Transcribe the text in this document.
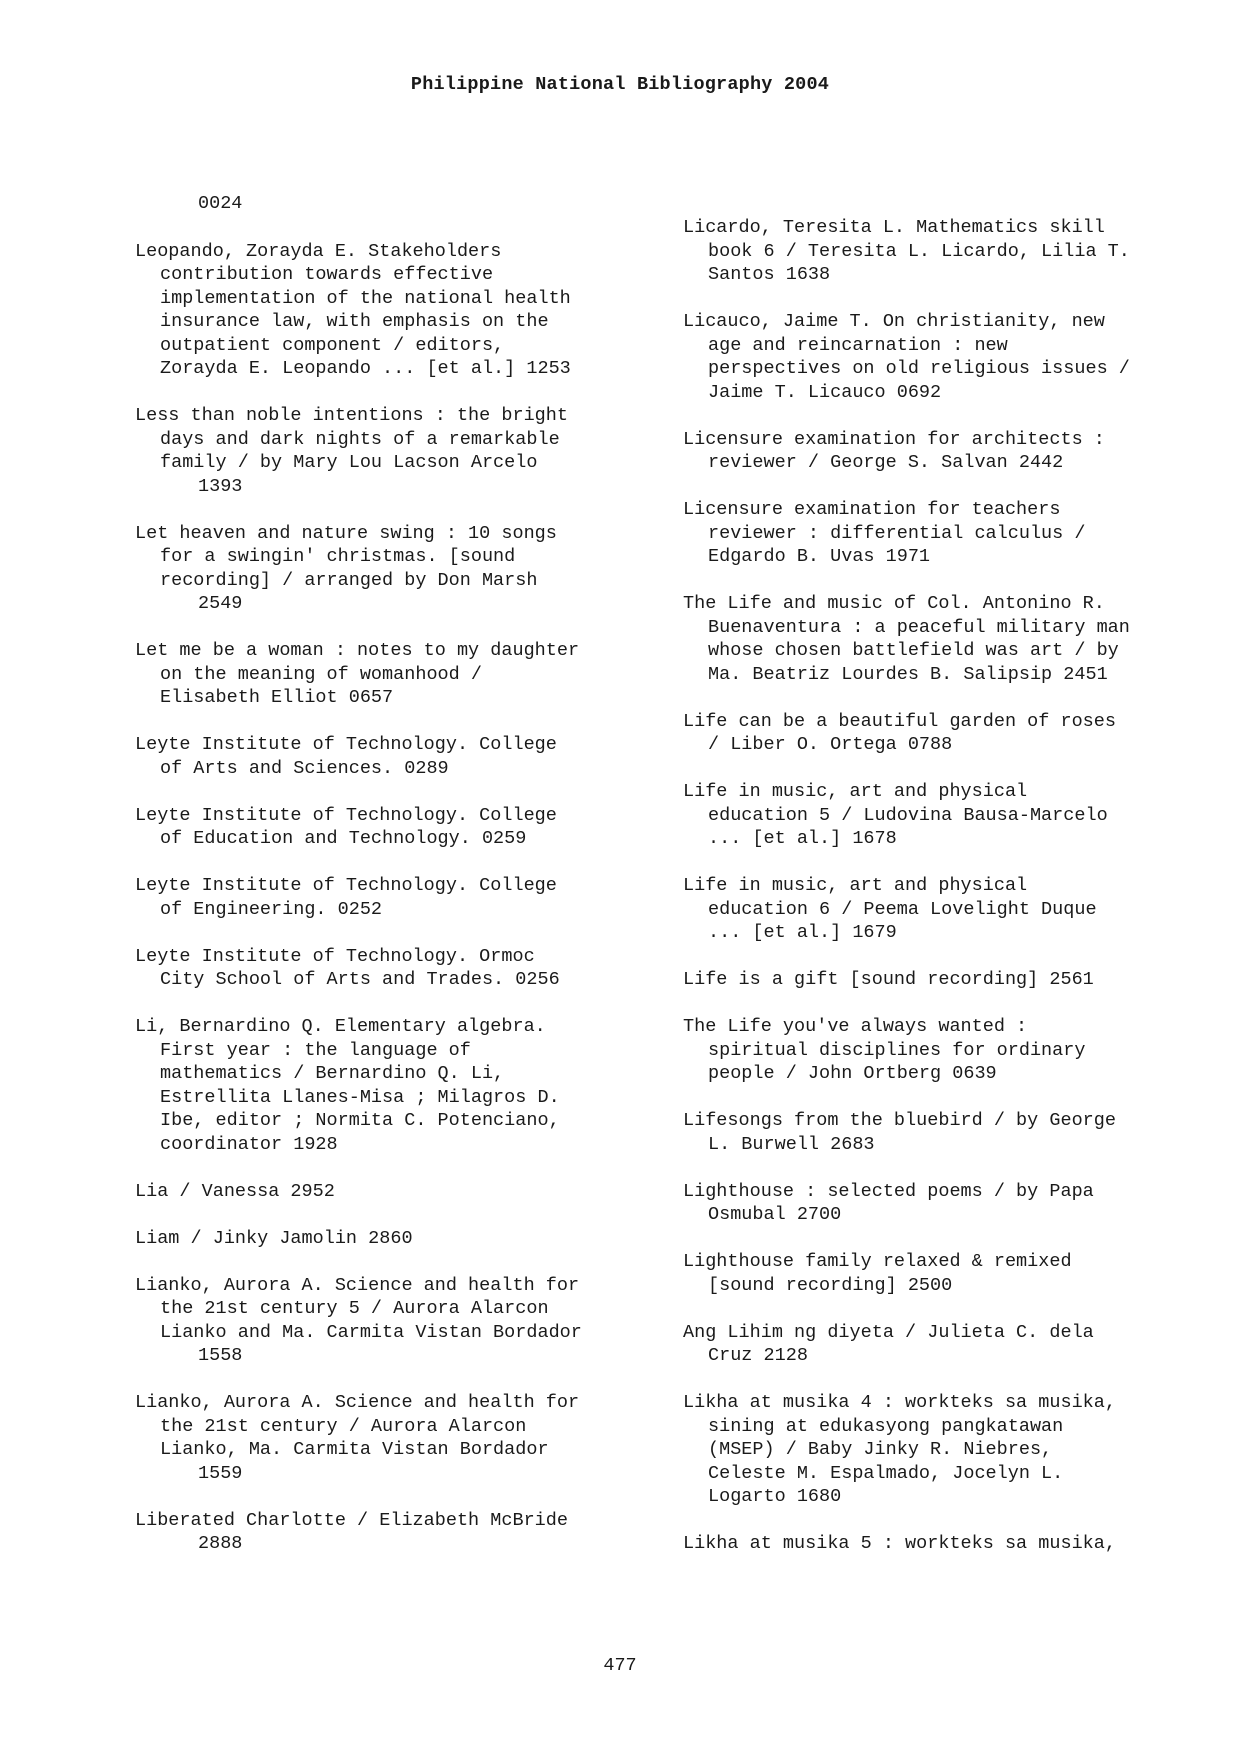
Philippine National Bibliography 2004
0024
Leopando, Zorayda E. Stakeholders
contribution towards effective
implementation of the national health
insurance law, with emphasis on the
outpatient component / editors,
Zorayda E. Leopando ... [et al.] 1253
Less than noble intentions : the bright
days and dark nights of a remarkable
family / by Mary Lou Lacson Arcelo
1393
Let heaven and nature swing : 10 songs
for a swingin' christmas. [sound
recording] / arranged by Don Marsh
2549
Let me be a woman : notes to my daughter
on the meaning of womanhood /
Elisabeth Elliot 0657
Leyte Institute of Technology. College
of Arts and Sciences. 0289
Leyte Institute of Technology. College
of Education and Technology. 0259
Leyte Institute of Technology. College
of Engineering. 0252
Leyte Institute of Technology. Ormoc
City School of Arts and Trades. 0256
Li, Bernardino Q. Elementary algebra.
First year : the language of
mathematics / Bernardino Q. Li,
Estrellita Llanes-Misa ; Milagros D.
Ibe, editor ; Normita C. Potenciano,
coordinator 1928
Lia / Vanessa 2952
Liam / Jinky Jamolin 2860
Lianko, Aurora A. Science and health for
the 21st century 5 / Aurora Alarcon
Lianko and Ma. Carmita Vistan Bordador
1558
Lianko, Aurora A. Science and health for
the 21st century / Aurora Alarcon
Lianko, Ma. Carmita Vistan Bordador
1559
Liberated Charlotte / Elizabeth McBride
2888
Licardo, Teresita L. Mathematics skill
book 6 / Teresita L. Licardo, Lilia T.
Santos 1638
Licauco, Jaime T. On christianity, new
age and reincarnation : new
perspectives on old religious issues /
Jaime T. Licauco 0692
Licensure examination for architects :
reviewer / George S. Salvan 2442
Licensure examination for teachers
reviewer : differential calculus /
Edgardo B. Uvas 1971
The Life and music of Col. Antonino R.
Buenaventura : a peaceful military man
whose chosen battlefield was art / by
Ma. Beatriz Lourdes B. Salipsip 2451
Life can be a beautiful garden of roses
/ Liber O. Ortega 0788
Life in music, art and physical
education 5 / Ludovina Bausa-Marcelo
... [et al.] 1678
Life in music, art and physical
education 6 / Peema Lovelight Duque
... [et al.] 1679
Life is a gift [sound recording] 2561
The Life you've always wanted :
spiritual disciplines for ordinary
people / John Ortberg 0639
Lifesongs from the bluebird / by George
L. Burwell 2683
Lighthouse : selected poems / by Papa
Osmubal 2700
Lighthouse family relaxed & remixed
[sound recording] 2500
Ang Lihim ng diyeta / Julieta C. dela
Cruz 2128
Likha at musika 4 : workteks sa musika,
sining at edukasyong pangkatawan
(MSEP) / Baby Jinky R. Niebres,
Celeste M. Espalmado, Jocelyn L.
Logarto 1680
Likha at musika 5 : workteks sa musika,
477
